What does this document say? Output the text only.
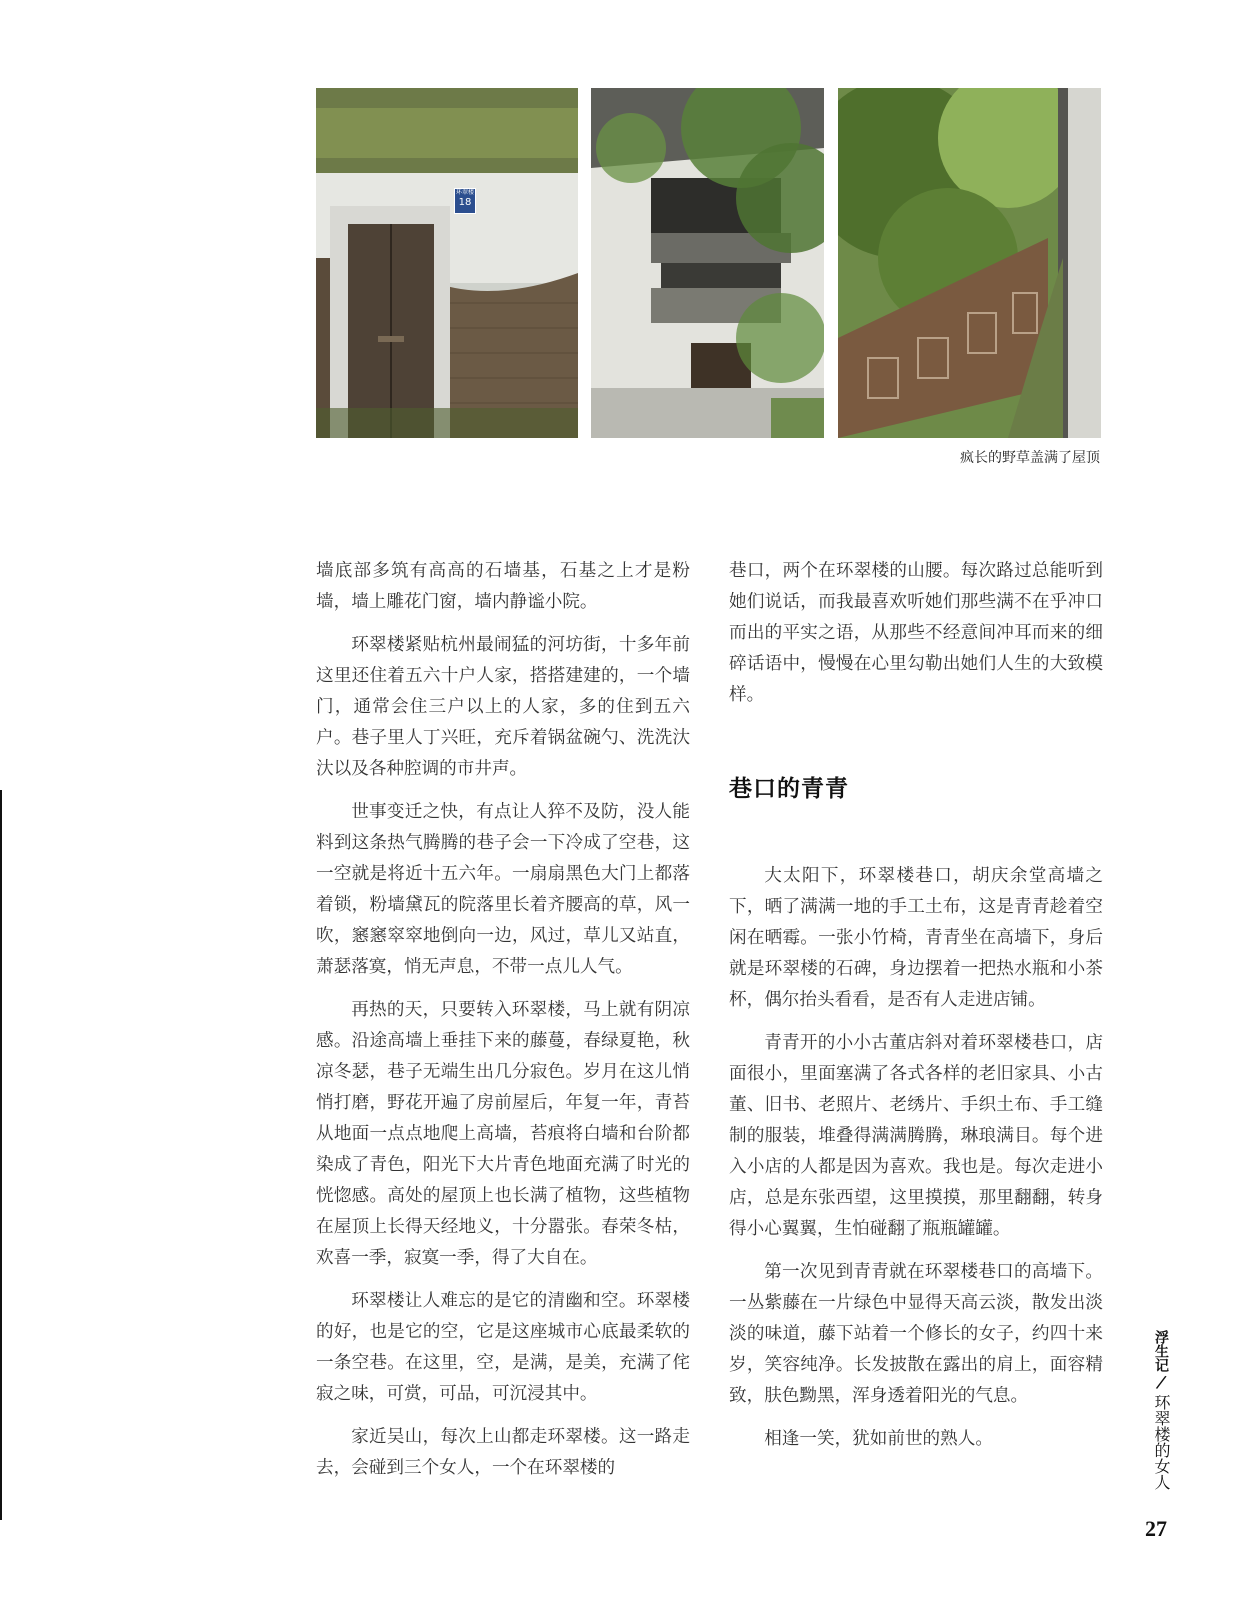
环翠楼
18
疯长的野草盖满了屋顶

墙底部多筑有高高的石墙基，石基之上才是粉墙，墙上雕花门窗，墙内静谧小院。

环翠楼紧贴杭州最闹猛的河坊街，十多年前这里还住着五六十户人家，搭搭建建的，一个墙门，通常会住三户以上的人家，多的住到五六户。巷子里人丁兴旺，充斥着锅盆碗勺、洗洗汏汏以及各种腔调的市井声。

世事变迁之快，有点让人猝不及防，没人能料到这条热气腾腾的巷子会一下冷成了空巷，这一空就是将近十五六年。一扇扇黑色大门上都落着锁，粉墙黛瓦的院落里长着齐腰高的草，风一吹，窸窸窣窣地倒向一边，风过，草儿又站直，萧瑟落寞，悄无声息，不带一点儿人气。

再热的天，只要转入环翠楼，马上就有阴凉感。沿途高墙上垂挂下来的藤蔓，春绿夏艳，秋凉冬瑟，巷子无端生出几分寂色。岁月在这儿悄悄打磨，野花开遍了房前屋后，年复一年，青苔从地面一点点地爬上高墙，苔痕将白墙和台阶都染成了青色，阳光下大片青色地面充满了时光的恍惚感。高处的屋顶上也长满了植物，这些植物在屋顶上长得天经地义，十分嚣张。春荣冬枯，欢喜一季，寂寞一季，得了大自在。

环翠楼让人难忘的是它的清幽和空。环翠楼的好，也是它的空，它是这座城市心底最柔软的一条空巷。在这里，空，是满，是美，充满了侘寂之味，可赏，可品，可沉浸其中。

家近吴山，每次上山都走环翠楼。这一路走去，会碰到三个女人，一个在环翠楼的

巷口，两个在环翠楼的山腰。每次路过总能听到她们说话，而我最喜欢听她们那些满不在乎冲口而出的平实之语，从那些不经意间冲耳而来的细碎话语中，慢慢在心里勾勒出她们人生的大致模样。

巷口的青青

大太阳下，环翠楼巷口，胡庆余堂高墙之下，晒了满满一地的手工土布，这是青青趁着空闲在晒霉。一张小竹椅，青青坐在高墙下，身后就是环翠楼的石碑，身边摆着一把热水瓶和小茶杯，偶尔抬头看看，是否有人走进店铺。

青青开的小小古董店斜对着环翠楼巷口，店面很小，里面塞满了各式各样的老旧家具、小古董、旧书、老照片、老绣片、手织土布、手工缝制的服装，堆叠得满满腾腾，琳琅满目。每个进入小店的人都是因为喜欢。我也是。每次走进小店，总是东张西望，这里摸摸，那里翻翻，转身得小心翼翼，生怕碰翻了瓶瓶罐罐。

第一次见到青青就在环翠楼巷口的高墙下。一丛紫藤在一片绿色中显得天高云淡，散发出淡淡的味道，藤下站着一个修长的女子，约四十来岁，笑容纯净。长发披散在露出的肩上，面容精致，肤色黝黑，浑身透着阳光的气息。

相逢一笑，犹如前世的熟人。

浮生记
/
环翠楼的女人
27
